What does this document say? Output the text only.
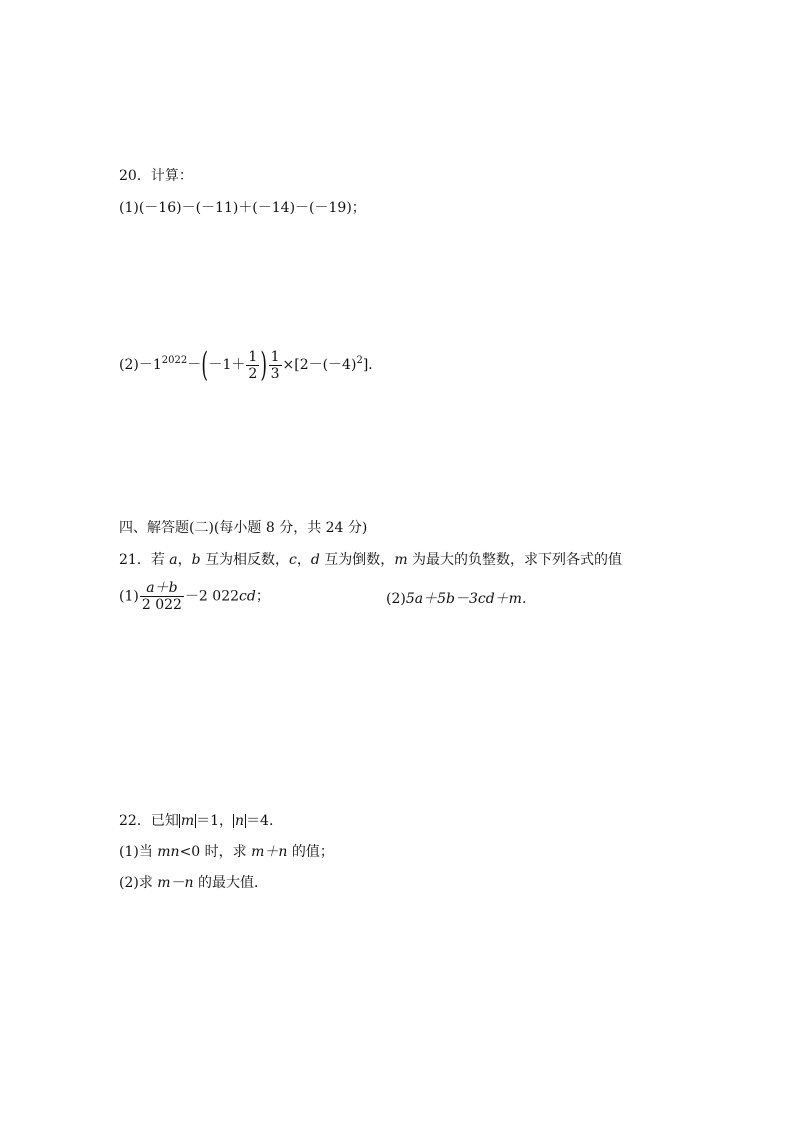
20．计算：
(1)(－16)－(－11)＋(－14)－(－19)；
$(2)-1^{2022}-(-1+ \frac{1}{2}$ ) $\frac{1}{3} \times[2-(-4)^2]$．
四、解答题(二)(每小题 8 分，共 24 分)
21．若 a，b 互为相反数，c，d 互为倒数，m 为最大的负整数，求下列各式的值
$(1) \frac{a+b}{2 022} -2$ 022cd；	(2)5a＋5b－3cd＋m.
22．已知 m ＝1， n ＝4.
(1)当 mn<0 时，求 m＋n 的值；
(2)求 m－n 的最大值．
